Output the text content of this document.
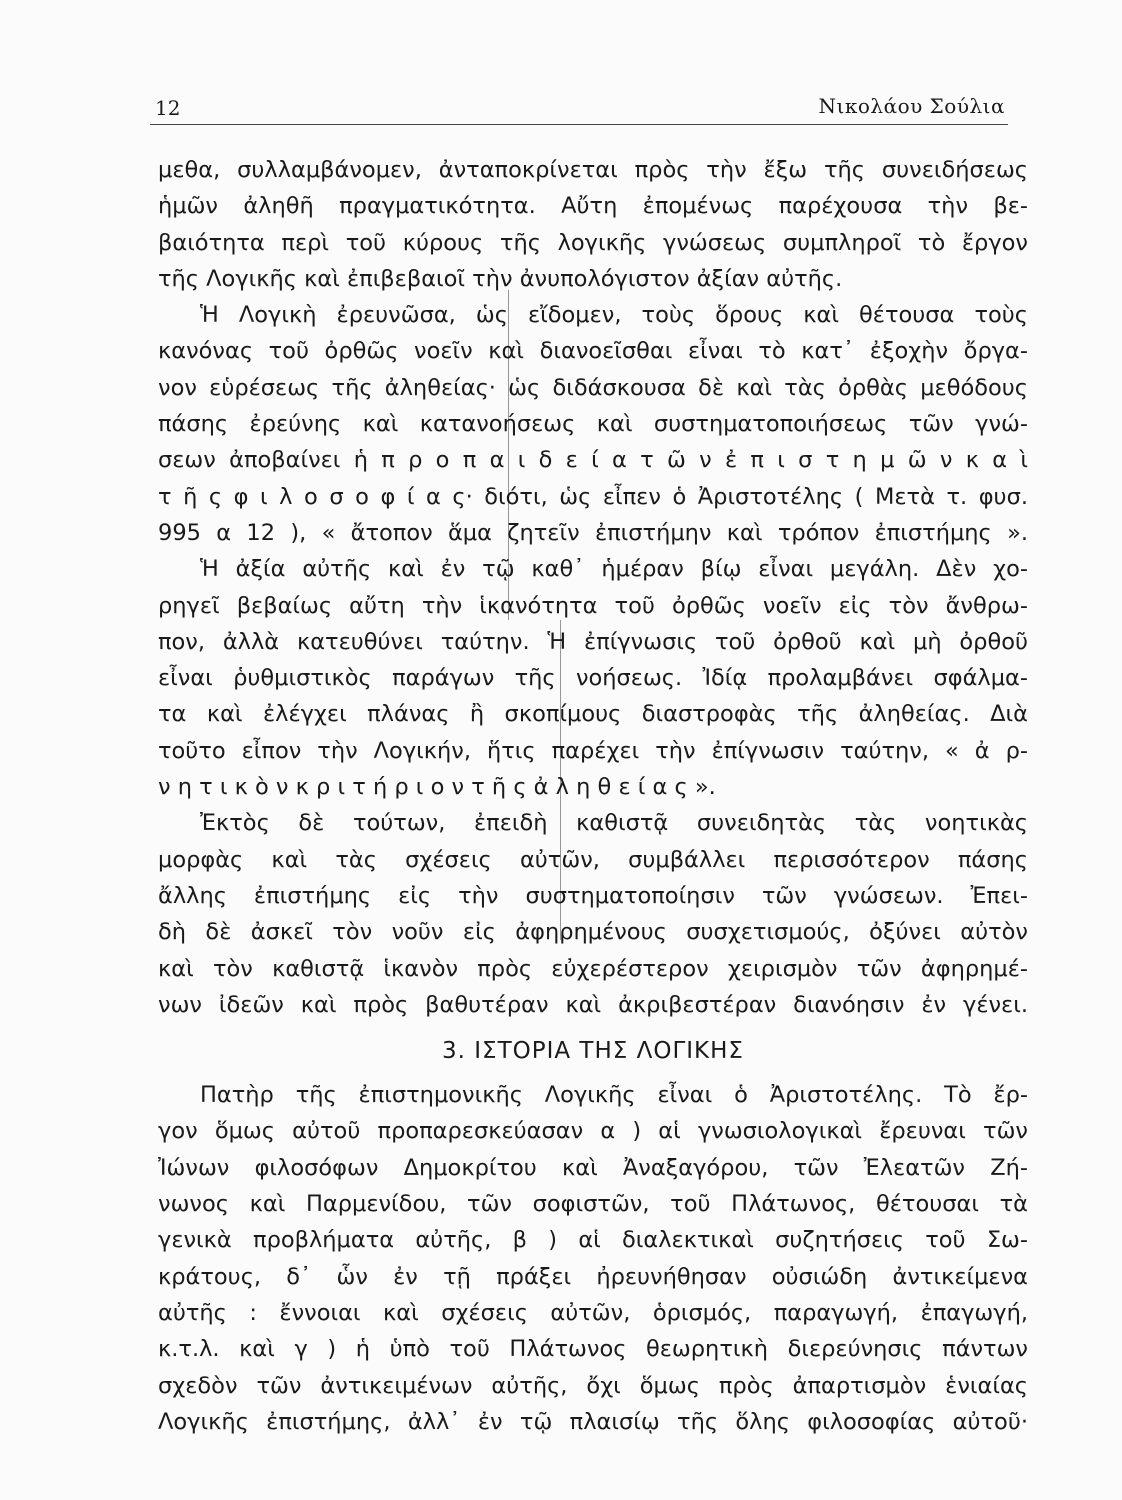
12	Νικολάου Σούλια
μεθα, συλλαμβάνομεν, ἀνταποκρίνεται πρὸς τὴν ἔξω τῆς συνειδήσεως
ἡμῶν ἀληθῆ πραγματικότητα. Αὔτη ἐπομένως παρέχουσα τὴν βε-
βαιότητα περὶ τοῦ κύρους τῆς λογικῆς γνώσεως συμπληροῖ τὸ ἔργον
τῆς Λογικῆς καὶ ἐπιβεβαιοῖ τὴν ἀνυπολόγιστον ἀξίαν αὐτῆς.
Ἡ Λογικὴ ἐρευνῶσα, ὡς εἴδομεν, τοὺς ὅρους καὶ θέτουσα τοὺς
κανόνας τοῦ ὀρθῶς νοεῖν καὶ διανοεῖσθαι εἶναι τὸ κατ᾽ ἐξοχὴν ὄργα-
νον εὑρέσεως τῆς ἀληθείας· ὡς διδάσκουσα δὲ καὶ τὰς ὀρθὰς μεθόδους
πάσης ἐρεύνης καὶ κατανοήσεως καὶ συστηματοποιήσεως τῶν γνώ-
σεων ἀποβαίνει ἡ π ρ ο π α ι δ ε ί α τ ῶ ν ἐ π ι σ τ η μ ῶ ν κ α ὶ
τ ῆ ς φ ι λ ο σ ο φ ί α ς· διότι, ὡς εἶπεν ὁ Ἀριστοτέλης ( Μετὰ τ. φυσ.
995 α 12 ), « ἄτοπον ἅμα ζητεῖν ἐπιστήμην καὶ τρόπον ἐπιστήμης ».
Ἡ ἀξία αὐτῆς καὶ ἐν τῷ καθ᾽ ἡμέραν βίῳ εἶναι μεγάλη. Δὲν χο-
ρηγεῖ βεβαίως αὔτη τὴν ἱκανότητα τοῦ ὀρθῶς νοεῖν εἰς τὸν ἄνθρω-
πον, ἀλλὰ κατευθύνει ταύτην. Ἡ ἐπίγνωσις τοῦ ὀρθοῦ καὶ μὴ ὀρθοῦ
εἶναι ῥυθμιστικὸς παράγων τῆς νοήσεως. Ἰδίᾳ προλαμβάνει σφάλμα-
τα καὶ ἐλέγχει πλάνας ἢ σκοπίμους διαστροφὰς τῆς ἀληθείας. Διὰ
τοῦτο εἶπον τὴν Λογικήν, ἥτις παρέχει τὴν ἐπίγνωσιν ταύτην, « ἀ ρ-
ν η τ ι κ ὸ ν κ ρ ι τ ή ρ ι ο ν τ ῆ ς ἀ λ η θ ε ί α ς ».
Ἐκτὸς δὲ τούτων, ἐπειδὴ καθιστᾷ συνειδητὰς τὰς νοητικὰς
μορφὰς καὶ τὰς σχέσεις αὐτῶν, συμβάλλει περισσότερον πάσης
ἄλλης ἐπιστήμης εἰς τὴν συστηματοποίησιν τῶν γνώσεων. Ἐπει-
δὴ δὲ ἀσκεῖ τὸν νοῦν εἰς ἀφηρημένους συσχετισμούς, ὀξύνει αὐτὸν
καὶ τὸν καθιστᾷ ἱκανὸν πρὸς εὐχερέστερον χειρισμὸν τῶν ἀφηρημέ-
νων ἰδεῶν καὶ πρὸς βαθυτέραν καὶ ἀκριβεστέραν διανόησιν ἐν γένει.
3. ΙΣΤΟΡΙΑ ΤΗΣ ΛΟΓΙΚΗΣ
Πατὴρ τῆς ἐπιστημονικῆς Λογικῆς εἶναι ὁ Ἀριστοτέλης. Τὸ ἔρ-
γον ὅμως αὐτοῦ προπαρεσκεύασαν α ) αἱ γνωσιολογικαὶ ἔρευναι τῶν
Ἰώνων φιλοσόφων Δημοκρίτου καὶ Ἀναξαγόρου, τῶν Ἐλεατῶν Ζή-
νωνος καὶ Παρμενίδου, τῶν σοφιστῶν, τοῦ Πλάτωνος, θέτουσαι τὰ
γενικὰ προβλήματα αὐτῆς, β ) αἱ διαλεκτικαὶ συζητήσεις τοῦ Σω-
κράτους, δ᾽ ὧν ἐν τῇ πράξει ἠρευνήθησαν οὐσιώδη ἀντικείμενα
αὐτῆς : ἔννοιαι καὶ σχέσεις αὐτῶν, ὁρισμός, παραγωγή, ἐπαγωγή,
κ.τ.λ. καὶ γ ) ἡ ὑπὸ τοῦ Πλάτωνος θεωρητικὴ διερεύνησις πάντων
σχεδὸν τῶν ἀντικειμένων αὐτῆς, ὄχι ὅμως πρὸς ἀπαρτισμὸν ἑνιαίας
Λογικῆς ἐπιστήμης, ἀλλ᾽ ἐν τῷ πλαισίῳ τῆς ὅλης φιλοσοφίας αὐτοῦ·
